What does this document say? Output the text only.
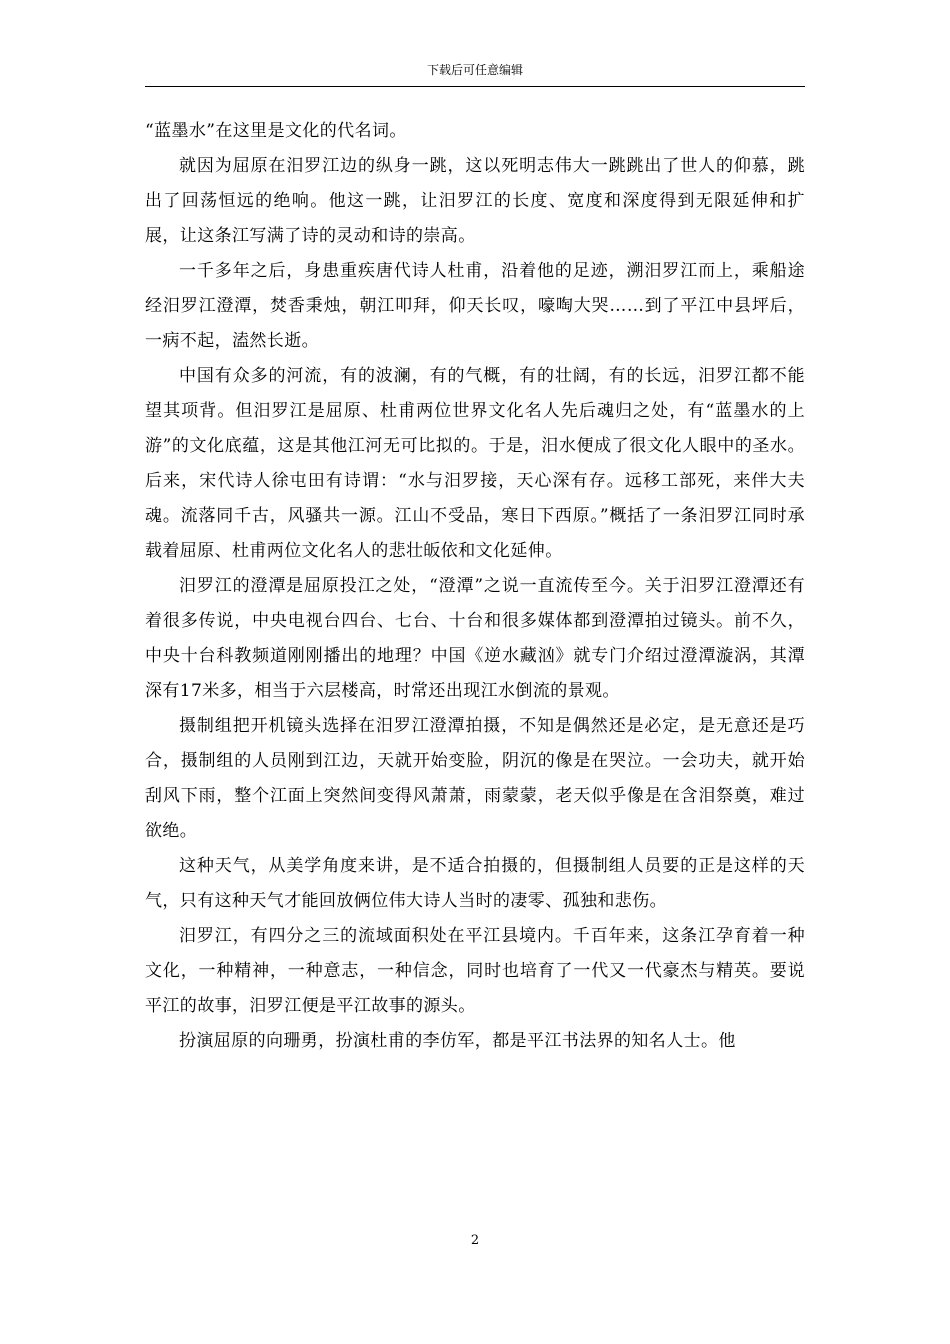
下载后可任意编辑

“蓝墨水”在这里是文化的代名词。

就因为屈原在汨罗江边的纵身一跳，这以死明志伟大一跳跳出了世人的仰慕，跳出了回荡恒远的绝响。他这一跳，让汨罗江的长度、宽度和深度得到无限延伸和扩展，让这条江写满了诗的灵动和诗的崇高。

一千多年之后，身患重疾唐代诗人杜甫，沿着他的足迹，溯汨罗江而上，乘船途经汨罗江澄潭，焚香秉烛，朝江叩拜，仰天长叹，嚎啕大哭……到了平江中县坪后，一病不起，溘然长逝。

中国有众多的河流，有的波澜，有的气概，有的壮阔，有的长远，汨罗江都不能望其项背。但汨罗江是屈原、杜甫两位世界文化名人先后魂归之处，有“蓝墨水的上游”的文化底蕴，这是其他江河无可比拟的。于是，汨水便成了很文化人眼中的圣水。后来，宋代诗人徐屯田有诗谓：“水与汨罗接，天心深有存。远移工部死，来伴大夫魂。流落同千古，风骚共一源。江山不受品，寒日下西原。”概括了一条汨罗江同时承载着屈原、杜甫两位文化名人的悲壮皈依和文化延伸。

汨罗江的澄潭是屈原投江之处，“澄潭”之说一直流传至今。关于汨罗江澄潭还有着很多传说，中央电视台四台、七台、十台和很多媒体都到澄潭拍过镜头。前不久，中央十台科教频道刚刚播出的地理？中国《逆水藏汹》就专门介绍过澄潭漩涡，其潭深有17米多，相当于六层楼高，时常还出现江水倒流的景观。

摄制组把开机镜头选择在汨罗江澄潭拍摄，不知是偶然还是必定，是无意还是巧合，摄制组的人员刚到江边，天就开始变脸，阴沉的像是在哭泣。一会功夫，就开始刮风下雨，整个江面上突然间变得风萧萧，雨蒙蒙，老天似乎像是在含泪祭奠，难过欲绝。

这种天气，从美学角度来讲，是不适合拍摄的，但摄制组人员要的正是这样的天气，只有这种天气才能回放俩位伟大诗人当时的凄零、孤独和悲伤。

汨罗江，有四分之三的流域面积处在平江县境内。千百年来，这条江孕育着一种文化，一种精神，一种意志，一种信念，同时也培育了一代又一代豪杰与精英。要说平江的故事，汨罗江便是平江故事的源头。

扮演屈原的向珊勇，扮演杜甫的李仿军，都是平江书法界的知名人士。他

2
